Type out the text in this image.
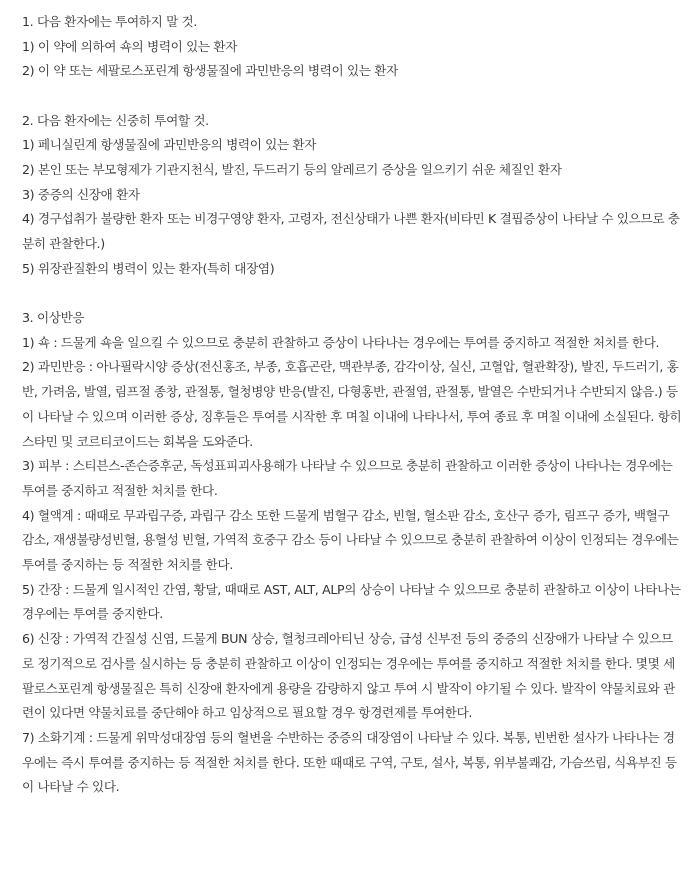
1. 다음 환자에는 투여하지 말 것.
1) 이 약에 의하여 쇽의 병력이 있는 환자
2) 이 약 또는 세팔로스포린계 항생물질에 과민반응의 병력이 있는 환자
2. 다음 환자에는 신중히 투여할 것.
1) 페니실린계 항생물질에 과민반응의 병력이 있는 환자
2) 본인 또는 부모형제가 기관지천식, 발진, 두드러기 등의 알레르기 증상을 일으키기 쉬운 체질인 환자
3) 중증의 신장애 환자
4) 경구섭취가 불량한 환자 또는 비경구영양 환자, 고령자, 전신상태가 나쁜 환자(비타민 K 결핍증상이 나타날 수 있으므로 충분히 관찰한다.)
5) 위장관질환의 병력이 있는 환자(특히 대장염)
3. 이상반응
1) 쇽 : 드물게 쇽을 일으킬 수 있으므로 충분히 관찰하고 증상이 나타나는 경우에는 투여를 중지하고 적절한 처치를 한다.
2) 과민반응 : 아나필락시양 증상(전신홍조, 부종, 호흡곤란, 맥관부종, 감각이상, 실신, 고혈압, 혈관확장), 발진, 두드러기, 홍반, 가려움, 발열, 림프절 종창, 관절통, 혈청병양 반응(발진, 다형홍반, 관절염, 관절통, 발열은 수반되거나 수반되지 않음.) 등이 나타날 수 있으며 이러한 증상, 징후들은 투여를 시작한 후 며칠 이내에 나타나서, 투여 종료 후 며칠 이내에 소실된다. 항히스타민 및 코르티코이드는 회복을 도와준다.
3) 피부 : 스티븐스-존슨증후군, 독성표피괴사용해가 나타날 수 있으므로 충분히 관찰하고 이러한 증상이 나타나는 경우에는 투여를 중지하고 적절한 처치를 한다.
4) 혈액계 : 때때로 무과립구증, 과립구 감소 또한 드물게 범혈구 감소, 빈혈, 혈소판 감소, 호산구 증가, 림프구 증가, 백혈구 감소, 재생불량성빈혈, 용혈성 빈혈, 가역적 호중구 감소 등이 나타날 수 있으므로 충분히 관찰하여 이상이 인정되는 경우에는 투여를 중지하는 등 적절한 처치를 한다.
5) 간장 : 드물게 일시적인 간염, 황달, 때때로 AST, ALT, ALP의 상승이 나타날 수 있으므로 충분히 관찰하고 이상이 나타나는 경우에는 투여를 중지한다.
6) 신장 : 가역적 간질성 신염, 드물게 BUN 상승, 혈청크레아티닌 상승, 급성 신부전 등의 중증의 신장애가 나타날 수 있으므로 정기적으로 검사를 실시하는 등 충분히 관찰하고 이상이 인정되는 경우에는 투여를 중지하고 적절한 처치를 한다. 몇몇 세팔로스포린계 항생물질은 특히 신장애 환자에게 용량을 감량하지 않고 투여 시 발작이 야기될 수 있다. 발작이 약물치료와 관련이 있다면 약물치료를 중단해야 하고 임상적으로 필요할 경우 항경련제를 투여한다.
7) 소화기계 : 드물게 위막성대장염 등의 혈변을 수반하는 중증의 대장염이 나타날 수 있다. 복통, 빈번한 설사가 나타나는 경우에는 즉시 투여를 중지하는 등 적절한 처치를 한다. 또한 때때로 구역, 구토, 설사, 복통, 위부불쾌감, 가슴쓰림, 식욕부진 등이 나타날 수 있다.
